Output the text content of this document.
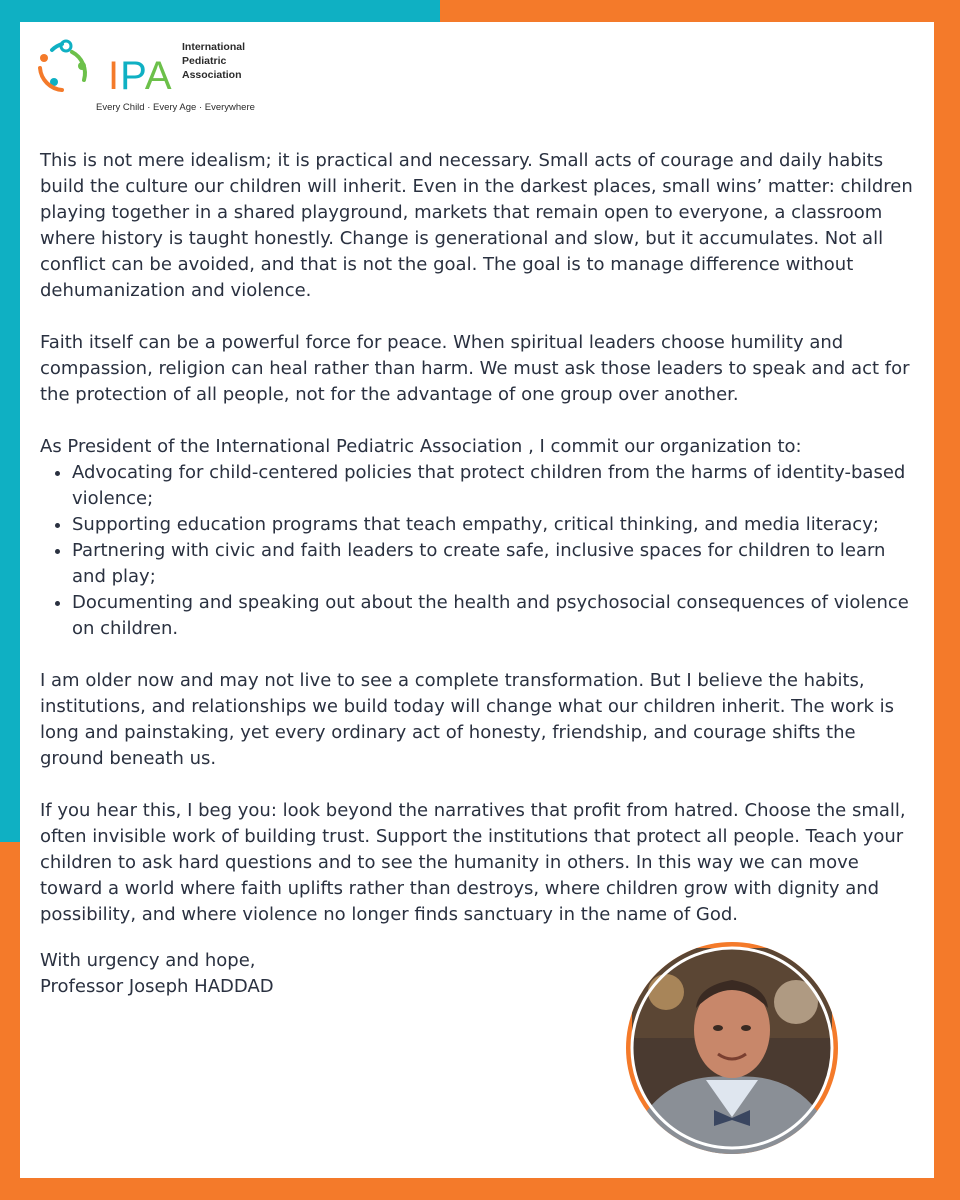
IPA
International
Pediatric
Association
Every Child · Every Age · Everywhere

This is not mere idealism; it is practical and necessary. Small acts of courage and daily habits build the culture our children will inherit. Even in the darkest places, small wins’ matter: children playing together in a shared playground, markets that remain open to everyone, a classroom where history is taught honestly. Change is generational and slow, but it accumulates. Not all conflict can be avoided, and that is not the goal. The goal is to manage difference without dehumanization and violence.

Faith itself can be a powerful force for peace. When spiritual leaders choose humility and compassion, religion can heal rather than harm. We must ask those leaders to speak and act for the protection of all people, not for the advantage of one group over another.

As President of the International Pediatric Association , I commit our organization to:
• Advocating for child-centered policies that protect children from the harms of identity-based violence;
• Supporting education programs that teach empathy, critical thinking, and media literacy;
• Partnering with civic and faith leaders to create safe, inclusive spaces for children to learn and play;
• Documenting and speaking out about the health and psychosocial consequences of violence on children.

I am older now and may not live to see a complete transformation. But I believe the habits, institutions, and relationships we build today will change what our children inherit. The work is long and painstaking, yet every ordinary act of honesty, friendship, and courage shifts the ground beneath us.

If you hear this, I beg you: look beyond the narratives that profit from hatred. Choose the small, often invisible work of building trust. Support the institutions that protect all people. Teach your children to ask hard questions and to see the humanity in others. In this way we can move toward a world where faith uplifts rather than destroys, where children grow with dignity and possibility, and where violence no longer finds sanctuary in the name of God.

With urgency and hope,
Professor Joseph HADDAD
